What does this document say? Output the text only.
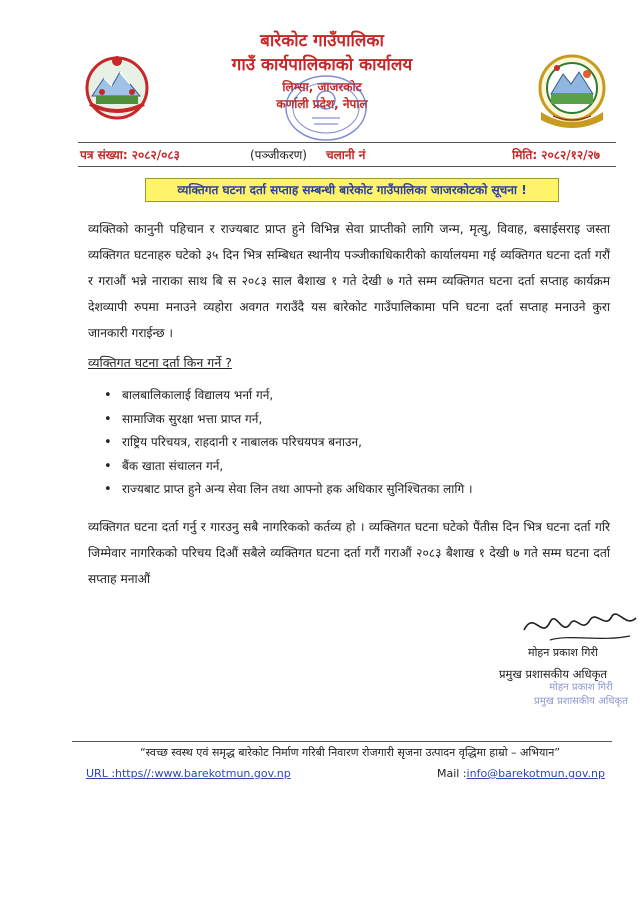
बारेकोट गाउँपालिका
गाउँ कार्यपालिकाको कार्यालय
लिम्सा, जाजरकोट
कर्णाली प्रदेश, नेपाल
पत्र संख्या: २०८२/०८३	(पञ्जीकरण) चलानी नं	मिति: २०८२/१२/२७
व्यक्तिगत घटना दर्ता सप्ताह सम्बन्धी बारेकोट गाउँपालिका जाजरकोटको सूचना !
व्यक्तिको कानुनी पहिचान र राज्यबाट प्राप्त हुने विभिन्न सेवा प्राप्तीको लागि जन्म, मृत्यु, विवाह, बसाईसराइ जस्ता व्यक्तिगत घटनाहरु घटेको ३५ दिन भित्र सम्बिधत स्थानीय पञ्जीकाधिकारीको कार्यालयमा गई व्यक्तिगत घटना दर्ता गरौं र गराऔं भन्ने नाराका साथ बि स २०८३ साल बैशाख १ गते देखी ७ गते सम्म व्यक्तिगत घटना दर्ता सप्ताह कार्यक्रम देशव्यापी रुपमा मनाउने व्यहोरा अवगत गराउँदै यस बारेकोट गाउँपालिकामा पनि घटना दर्ता सप्ताह मनाउने कुरा जानकारी गराईन्छ ।
व्यक्तिगत घटना दर्ता किन गर्ने ?
• बालबालिकालाई विद्यालय भर्ना गर्न,
• सामाजिक सुरक्षा भत्ता प्राप्त गर्न,
• राष्ट्रिय परिचयत्र, राहदानी र नाबालक परिचयपत्र बनाउन,
• बैंक खाता संचालन गर्न,
• राज्यबाट प्राप्त हुने अन्य सेवा लिन तथा आफ्नो हक अधिकार सुनिश्चितका लागि ।
व्यक्तिगत घटना दर्ता गर्नु र गारउनु सबै नागरिकको कर्तव्य हो । व्यक्तिगत घटना घटेको पैंतीस दिन भित्र घटना दर्ता गरि जिम्मेवार नागरिकको परिचय दिऔं सबैले व्यक्तिगत घटना दर्ता गरौं गराऔं २०८३ बैशाख १ देखी ७ गते सम्म घटना दर्ता सप्ताह मनाऔं
मोहन प्रकाश गिरी
प्रमुख प्रशासकीय अधिकृत
मोहन प्रकाश गिरी
प्रमुख प्रशासकीय अधिकृत
“स्वच्छ स्वस्थ एवं समृद्ध बारेकोट निर्माण गरिबी निवारण रोजगारी सृजना उत्पादन वृद्धिमा हाम्रो – अभियान”
URL :https//:www.barekotmun.gov.np	Mail :info@barekotmun.gov.np
